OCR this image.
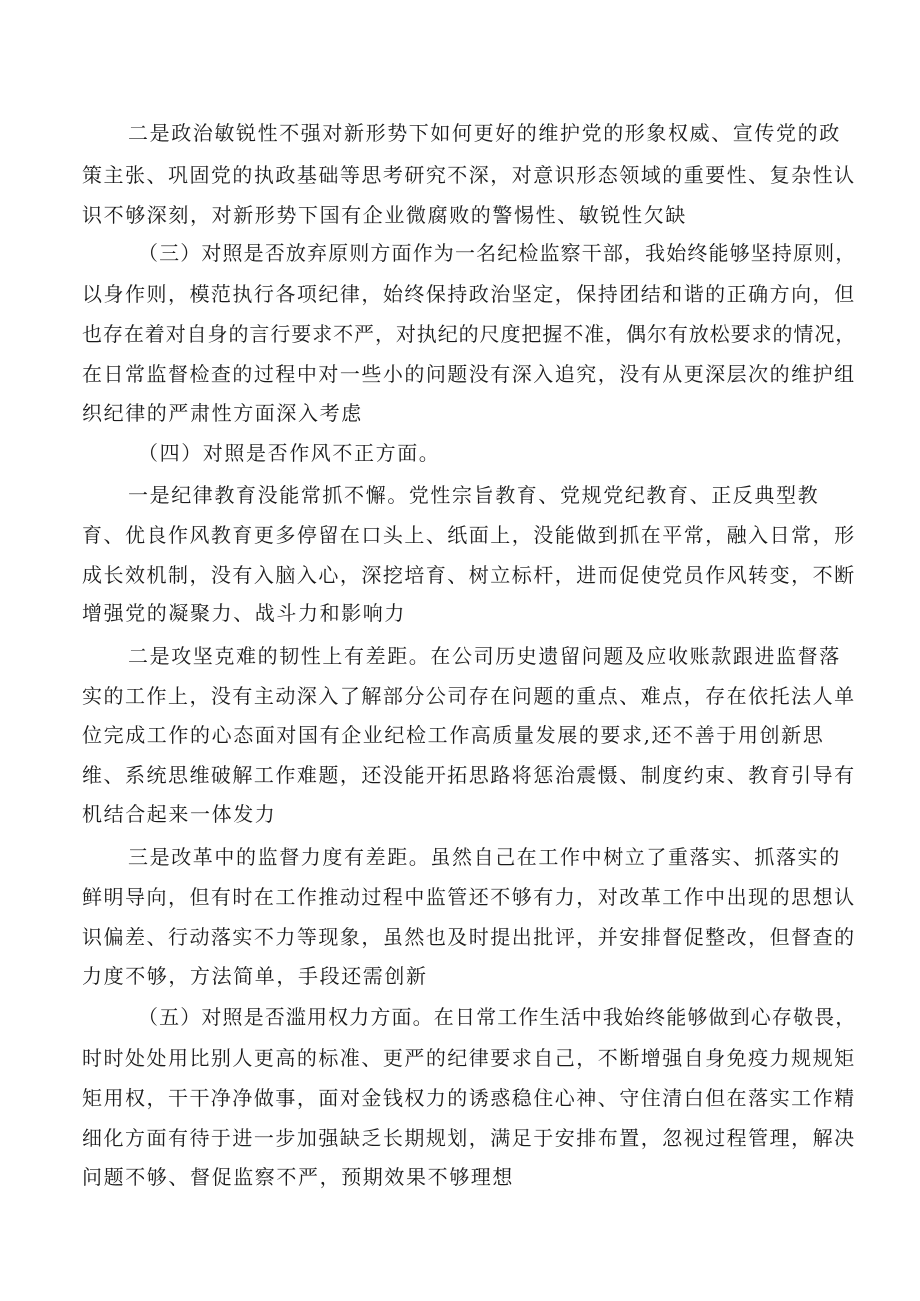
二是政治敏锐性不强对新形势下如何更好的维护党的形象权威、宣传党的政
策主张、巩固党的执政基础等思考研究不深，对意识形态领域的重要性、复杂性认
识不够深刻，对新形势下国有企业微腐败的警惕性、敏锐性欠缺
（三）对照是否放弃原则方面作为一名纪检监察干部，我始终能够坚持原则，
以身作则，模范执行各项纪律，始终保持政治坚定，保持团结和谐的正确方向，但
也存在着对自身的言行要求不严，对执纪的尺度把握不准，偶尔有放松要求的情况，
在日常监督检查的过程中对一些小的问题没有深入追究，没有从更深层次的维护组
织纪律的严肃性方面深入考虑
（四）对照是否作风不正方面。
一是纪律教育没能常抓不懈。党性宗旨教育、党规党纪教育、正反典型教
育、优良作风教育更多停留在口头上、纸面上，没能做到抓在平常，融入日常，形
成长效机制，没有入脑入心，深挖培育、树立标杆，进而促使党员作风转变，不断
增强党的凝聚力、战斗力和影响力
二是攻坚克难的韧性上有差距。在公司历史遗留问题及应收账款跟进监督落
实的工作上，没有主动深入了解部分公司存在问题的重点、难点，存在依托法人单
位完成工作的心态面对国有企业纪检工作高质量发展的要求,还不善于用创新思
维、系统思维破解工作难题，还没能开拓思路将惩治震慑、制度约束、教育引导有
机结合起来一体发力
三是改革中的监督力度有差距。虽然自己在工作中树立了重落实、抓落实的
鲜明导向，但有时在工作推动过程中监管还不够有力，对改革工作中出现的思想认
识偏差、行动落实不力等现象，虽然也及时提出批评，并安排督促整改，但督查的
力度不够，方法简单，手段还需创新
（五）对照是否滥用权力方面。在日常工作生活中我始终能够做到心存敬畏，
时时处处用比别人更高的标准、更严的纪律要求自己，不断增强自身免疫力规规矩
矩用权，干干净净做事，面对金钱权力的诱惑稳住心神、守住清白但在落实工作精
细化方面有待于进一步加强缺乏长期规划，满足于安排布置，忽视过程管理，解决
问题不够、督促监察不严，预期效果不够理想
